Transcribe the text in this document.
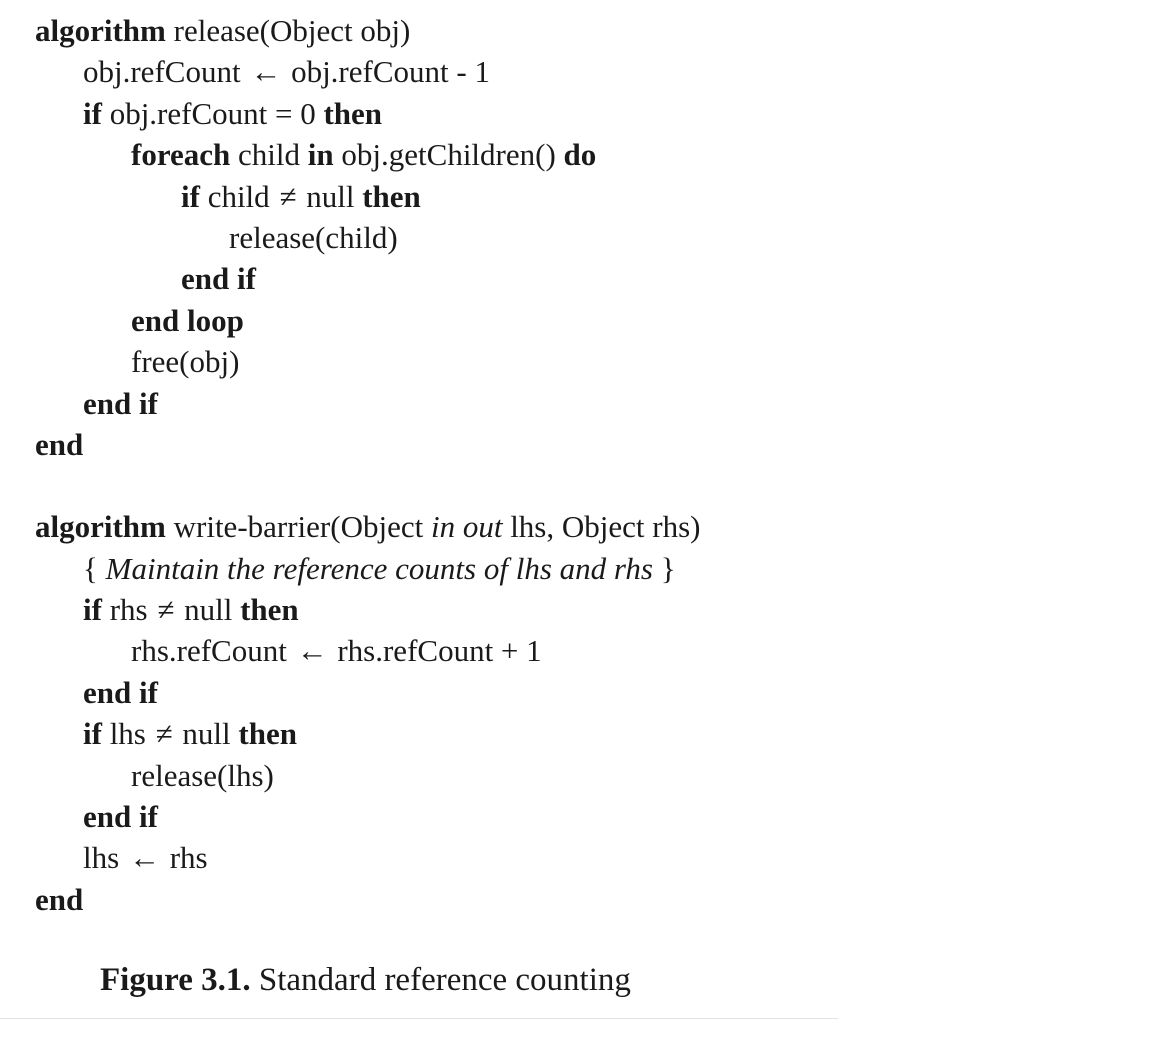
algorithm release(Object obj)
obj.refCount ← obj.refCount - 1
if obj.refCount = 0 then
foreach child in obj.getChildren() do
if child ≠ null then
release(child)
end if
end loop
free(obj)
end if
end
algorithm write-barrier(Object in out lhs, Object rhs)
{ Maintain the reference counts of lhs and rhs }
if rhs ≠ null then
rhs.refCount ← rhs.refCount + 1
end if
if lhs ≠ null then
release(lhs)
end if
lhs ← rhs
end
Figure 3.1. Standard reference counting
